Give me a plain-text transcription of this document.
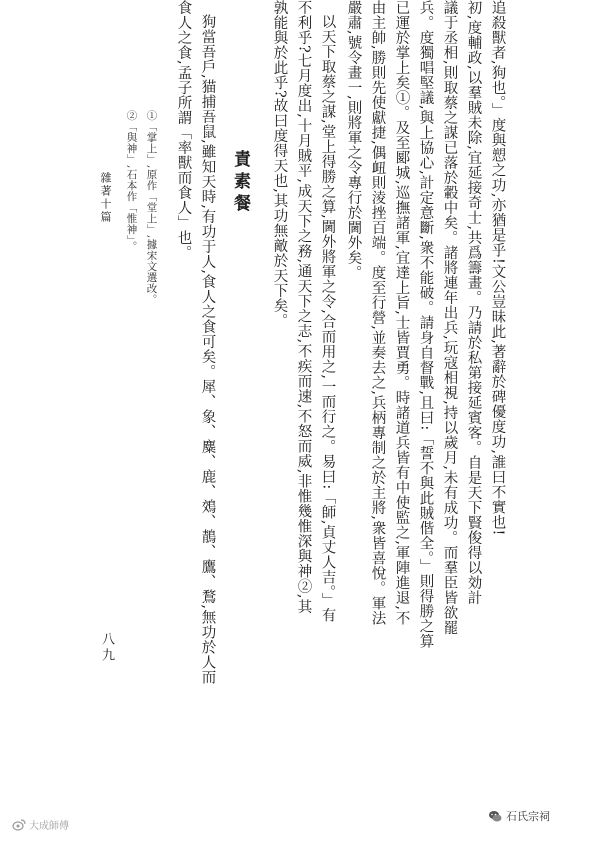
追殺獸者,狗也。」度與愬之功,亦猶是乎!文公豈昧此,著辭於碑優度功,誰曰不實也!
初,度輔政,以羣賊未除,宜延接奇士,共爲籌畫。乃請於私第接延賓客。自是天下賢俊得以効計
議于丞相,則取蔡之謀已落於轂中矣。諸將連年出兵,玩寇相視,持以歲月,未有成功。而羣臣皆欲罷
兵。度獨唱堅議,與上協心,計定意斷,衆不能破。請身自督戰,且曰:「誓不與此賊偕全。」則得勝之算
已運於掌上矣①。及至郾城,巡撫諸軍,宜達上旨,士皆賈勇。時諸道兵皆有中使監之,軍陣進退,不
由主帥,勝則先使獻捷,偶衄則淩挫百端。度至行營,並奏去之,兵柄專制之於主將,衆皆喜悅。軍法
嚴肅,號令畫一,則將軍之令專行於閫外矣。
以天下取蔡之謀,堂上得勝之算,閫外將軍之令,合而用之,一而行之。易曰:「師,貞丈人吉。」有
不利乎?七月度出,十月賊平,成天下之務,通天下之志,不疾而速,不怒而威,非惟幾惟深與神②,其
孰能與於此乎?故曰度得天也,其功無敵於天下矣。
責素餐
狗當吾戶,猫捕吾鼠,雖知天時,有功于人,食人之食可矣。犀、象、麋、鹿、鵁、鶄、鷹、鶩,無功於人而
食人之食,孟子所謂「率獸而食人」也。
①「掌上」,原作「堂上」,據宋文選改。
②「與神」,石本作「惟神」。
雜著十篇
八九
大成師傅
石氏宗祠
